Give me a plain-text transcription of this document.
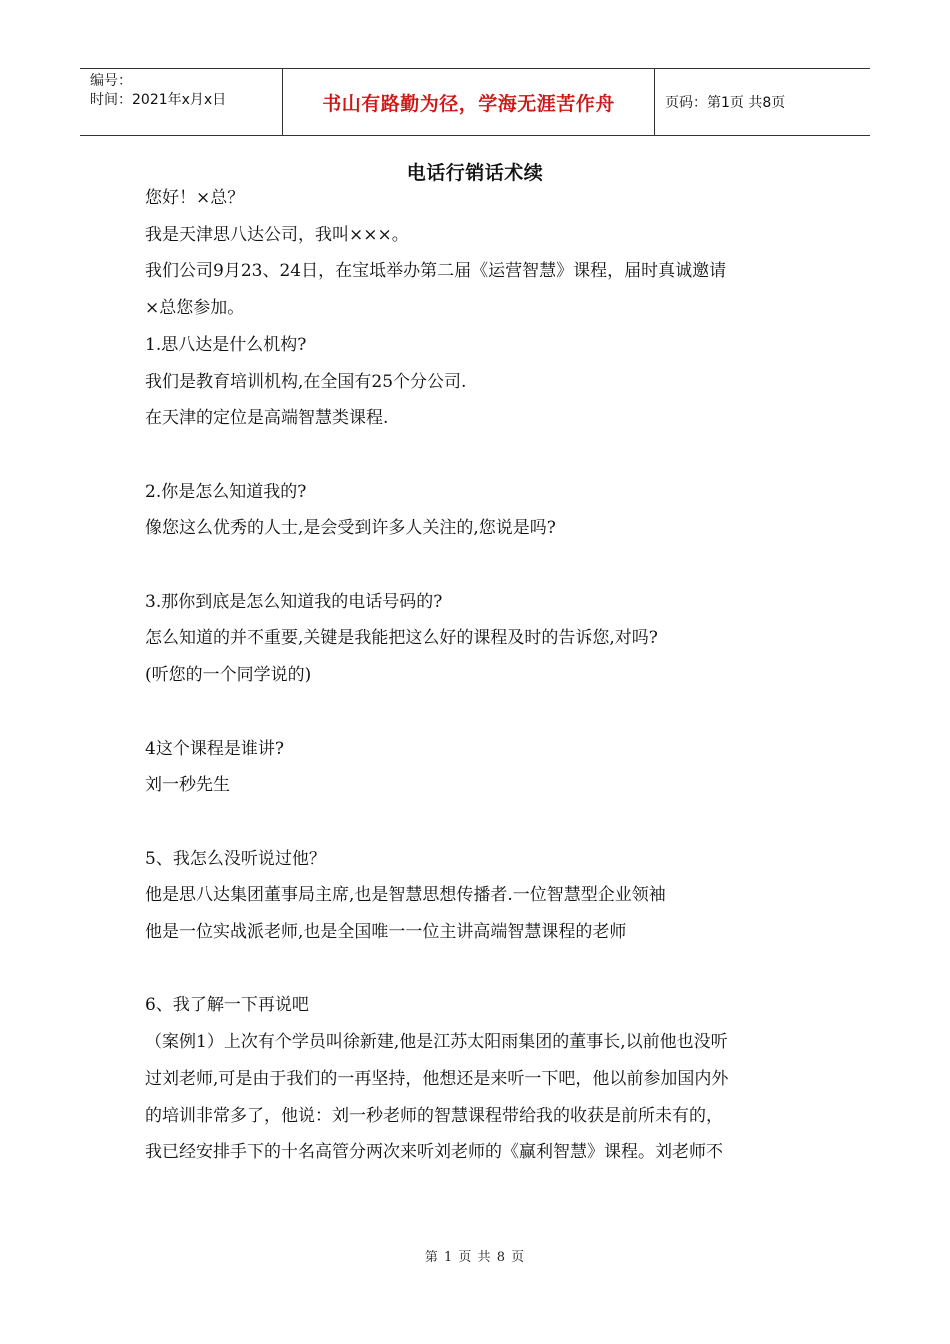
编号：
时间：2021年x月x日	书山有路勤为径，学海无涯苦作舟	页码：第1页 共8页
电话行销话术续
您好！×总？
我是天津思八达公司，我叫×××。
我们公司9月23、24日，在宝坻举办第二届《运营智慧》课程，届时真诚邀请
×总您参加。
1.思八达是什么机构?
我们是教育培训机构,在全国有25个分公司.
在天津的定位是高端智慧类课程.
2.你是怎么知道我的?
像您这么优秀的人士,是会受到许多人关注的,您说是吗?
3.那你到底是怎么知道我的电话号码的?
怎么知道的并不重要,关键是我能把这么好的课程及时的告诉您,对吗?
(听您的一个同学说的)
4这个课程是谁讲?
刘一秒先生
5、我怎么没听说过他？
他是思八达集团董事局主席,也是智慧思想传播者.一位智慧型企业领袖
他是一位实战派老师,也是全国唯一一位主讲高端智慧课程的老师
6、我了解一下再说吧
（案例1）上次有个学员叫徐新建,他是江苏太阳雨集团的董事长,以前他也没听
过刘老师,可是由于我们的一再坚持，他想还是来听一下吧，他以前参加国内外
的培训非常多了，他说：刘一秒老师的智慧课程带给我的收获是前所未有的，
我已经安排手下的十名高管分两次来听刘老师的《赢利智慧》课程。刘老师不
第 1 页 共 8 页
